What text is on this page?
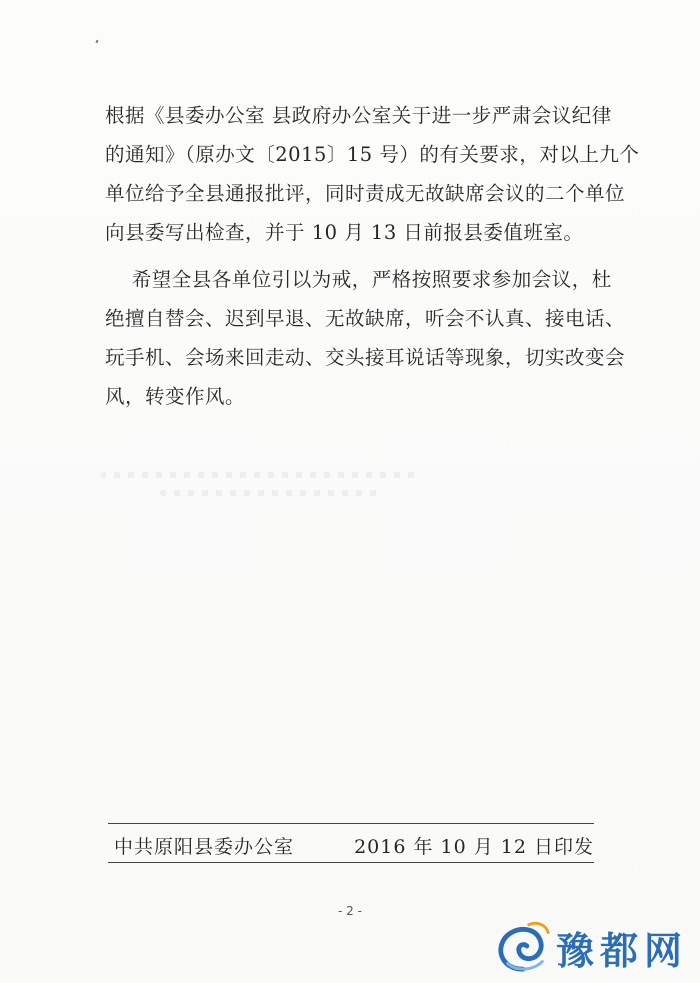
根据《县委办公室 县政府办公室关于进一步严肃会议纪律
的通知》（原办文〔2015〕15 号）的有关要求，对以上九个
单位给予全县通报批评，同时责成无故缺席会议的二个单位
向县委写出检查，并于 10 月 13 日前报县委值班室。

希望全县各单位引以为戒，严格按照要求参加会议，杜
绝擅自替会、迟到早退、无故缺席，听会不认真、接电话、
玩手机、会场来回走动、交头接耳说话等现象，切实改变会
风，转变作风。

中共原阳县委办公室	2016 年 10 月 12 日印发
- 2 -
豫都网
